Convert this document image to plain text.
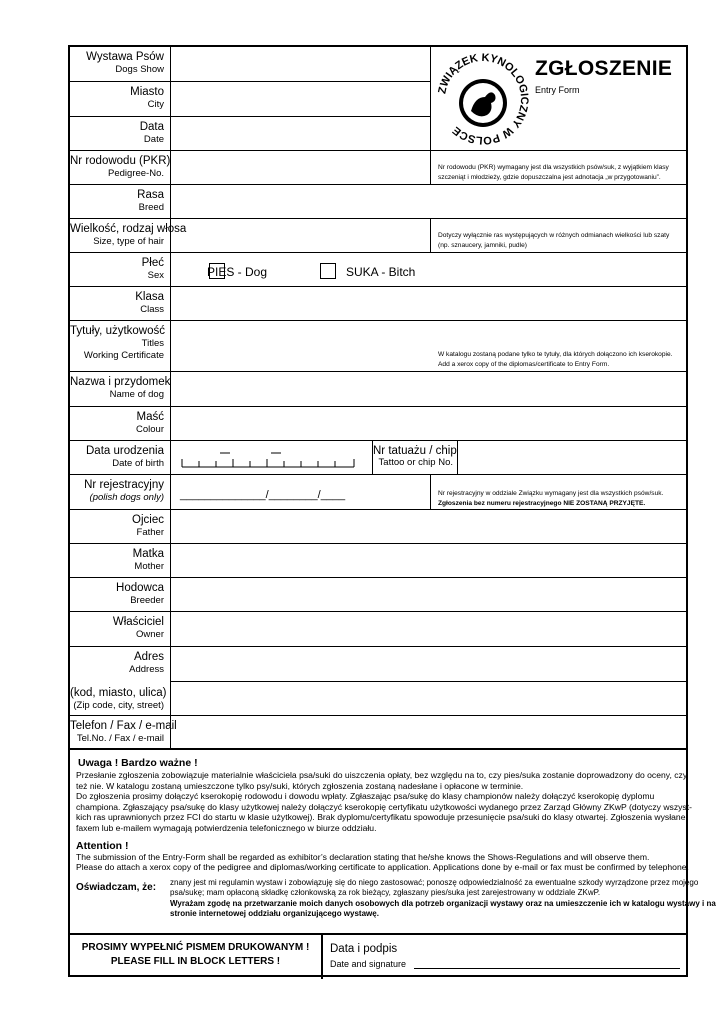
Wystawa Psów
Dogs Show
Miasto
City
Data
Date
ZWIĄZEK KYNOLOGICZNY W POLSCE
ZGŁOSZENIE
Entry Form
Nr rodowodu (PKR)
Pedigree-No.
Nr rodowodu (PKR) wymagany jest dla wszystkich psów/suk, z wyjątkiem klasy
szczeniąt i młodzieży, gdzie dopuszczalna jest adnotacja „w przygotowaniu”.
Rasa
Breed
Wielkość, rodzaj włosa
Size, type of hair
Dotyczy wyłącznie ras występujących w różnych odmianach wielkości lub szaty
(np. sznaucery, jamniki, pudle)
Płeć
Sex	PIES - Dog	SUKA - Bitch
Klasa
Class
Tytuły, użytkowość
Titles
Working Certificate	W katalogu zostaną podane tylko te tytuły, dla których dołączono ich kserokopie.
Add a xerox copy of the diplomas/certificate to Entry Form.
Nazwa i przydomek
Name of dog
Maść
Colour
Data urodzenia
Date of birth
Nr tatuażu / chip
Tattoo or chip No.
Nr rejestracyjny
(polish dogs only) ______________/________/____	Nr rejestracyjny w oddziale Związku wymagany jest dla wszystkich psów/suk.
Zgłoszenia bez numeru rejestracyjnego NIE ZOSTANĄ PRZYJĘTE.
Ojciec
Father
Matka
Mother
Hodowca
Breeder
Właściciel
Owner
Adres
Address
(kod, miasto, ulica)
(Zip code, city, street)
Telefon / Fax / e-mail
Tel.No. / Fax / e-mail
Uwaga ! Bardzo ważne !
Przesłanie zgłoszenia zobowiązuje materialnie właściciela psa/suki do uiszczenia opłaty, bez względu na to, czy pies/suka zostanie doprowadzony do oceny, czy
też nie. W katalogu zostaną umieszczone tylko psy/suki, których zgłoszenia zostaną nadesłane i opłacone w terminie.
Do zgłoszenia prosimy dołączyć kserokopię rodowodu i dowodu wpłaty. Zgłaszając psa/sukę do klasy championów należy dołączyć kserokopię dyplomu
championa. Zgłaszający psa/sukę do klasy użytkowej należy dołączyć kserokopię certyfikatu użytkowości wydanego przez Zarząd Główny ZKwP (dotyczy wszyst-
kich ras uprawnionych przez FCI do startu w klasie użytkowej). Brak dyplomu/certyfikatu spowoduje przesunięcie psa/suki do klasy otwartej. Zgłoszenia wysłane
faxem lub e-mailem wymagają potwierdzenia telefonicznego w biurze oddziału.
Attention !
The submission of the Entry-Form shall be regarded as exhibitor’s declaration stating that he/she knows the Shows-Regulations and will observe them.
Please do attach a xerox copy of the pedigree and diplomas/working certificate to application. Applications done by e-mail or fax must be confirmed by telephone.
Oświadczam, że: znany jest mi regulamin wystaw i zobowiązuję się do niego zastosować; ponoszę odpowiedzialność za ewentualne szkody wyrządzone przez mojego
psa/sukę; mam opłaconą składkę członkowską za rok bieżący, zgłaszany pies/suka jest zarejestrowany w oddziale ZKwP.
Wyrażam zgodę na przetwarzanie moich danych osobowych dla potrzeb organizacji wystawy oraz na umieszczenie ich w katalogu wystawy i na
stronie internetowej oddziału organizującego wystawę.
PROSIMY WYPEŁNIĆ PISMEM DRUKOWANYM !
PLEASE FILL IN BLOCK LETTERS !
Data i podpis
Date and signature
